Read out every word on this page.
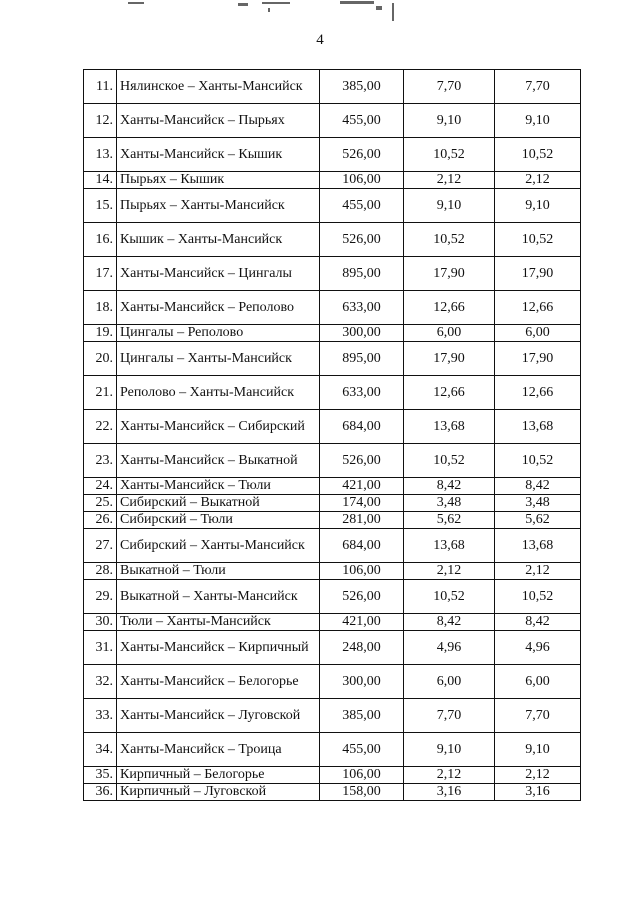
4
11.	Нялинское – Ханты-Мансийск	385,00	7,70	7,70
12.	Ханты-Мансийск – Пырьях	455,00	9,10	9,10
13.	Ханты-Мансийск – Кышик	526,00	10,52	10,52
14.	Пырьях – Кышик	106,00	2,12	2,12
15.	Пырьях – Ханты-Мансийск	455,00	9,10	9,10
16.	Кышик – Ханты-Мансийск	526,00	10,52	10,52
17.	Ханты-Мансийск – Цингалы	895,00	17,90	17,90
18.	Ханты-Мансийск – Реполово	633,00	12,66	12,66
19.	Цингалы – Реполово	300,00	6,00	6,00
20.	Цингалы – Ханты-Мансийск	895,00	17,90	17,90
21.	Реполово – Ханты-Мансийск	633,00	12,66	12,66
22.	Ханты-Мансийск – Сибирский	684,00	13,68	13,68
23.	Ханты-Мансийск – Выкатной	526,00	10,52	10,52
24.	Ханты-Мансийск – Тюли	421,00	8,42	8,42
25.	Сибирский – Выкатной	174,00	3,48	3,48
26.	Сибирский – Тюли	281,00	5,62	5,62
27.	Сибирский – Ханты-Мансийск	684,00	13,68	13,68
28.	Выкатной – Тюли	106,00	2,12	2,12
29.	Выкатной – Ханты-Мансийск	526,00	10,52	10,52
30.	Тюли – Ханты-Мансийск	421,00	8,42	8,42
31.	Ханты-Мансийск – Кирпичный	248,00	4,96	4,96
32.	Ханты-Мансийск – Белогорье	300,00	6,00	6,00
33.	Ханты-Мансийск – Луговской	385,00	7,70	7,70
34.	Ханты-Мансийск – Троица	455,00	9,10	9,10
35.	Кирпичный – Белогорье	106,00	2,12	2,12
36.	Кирпичный – Луговской	158,00	3,16	3,16
